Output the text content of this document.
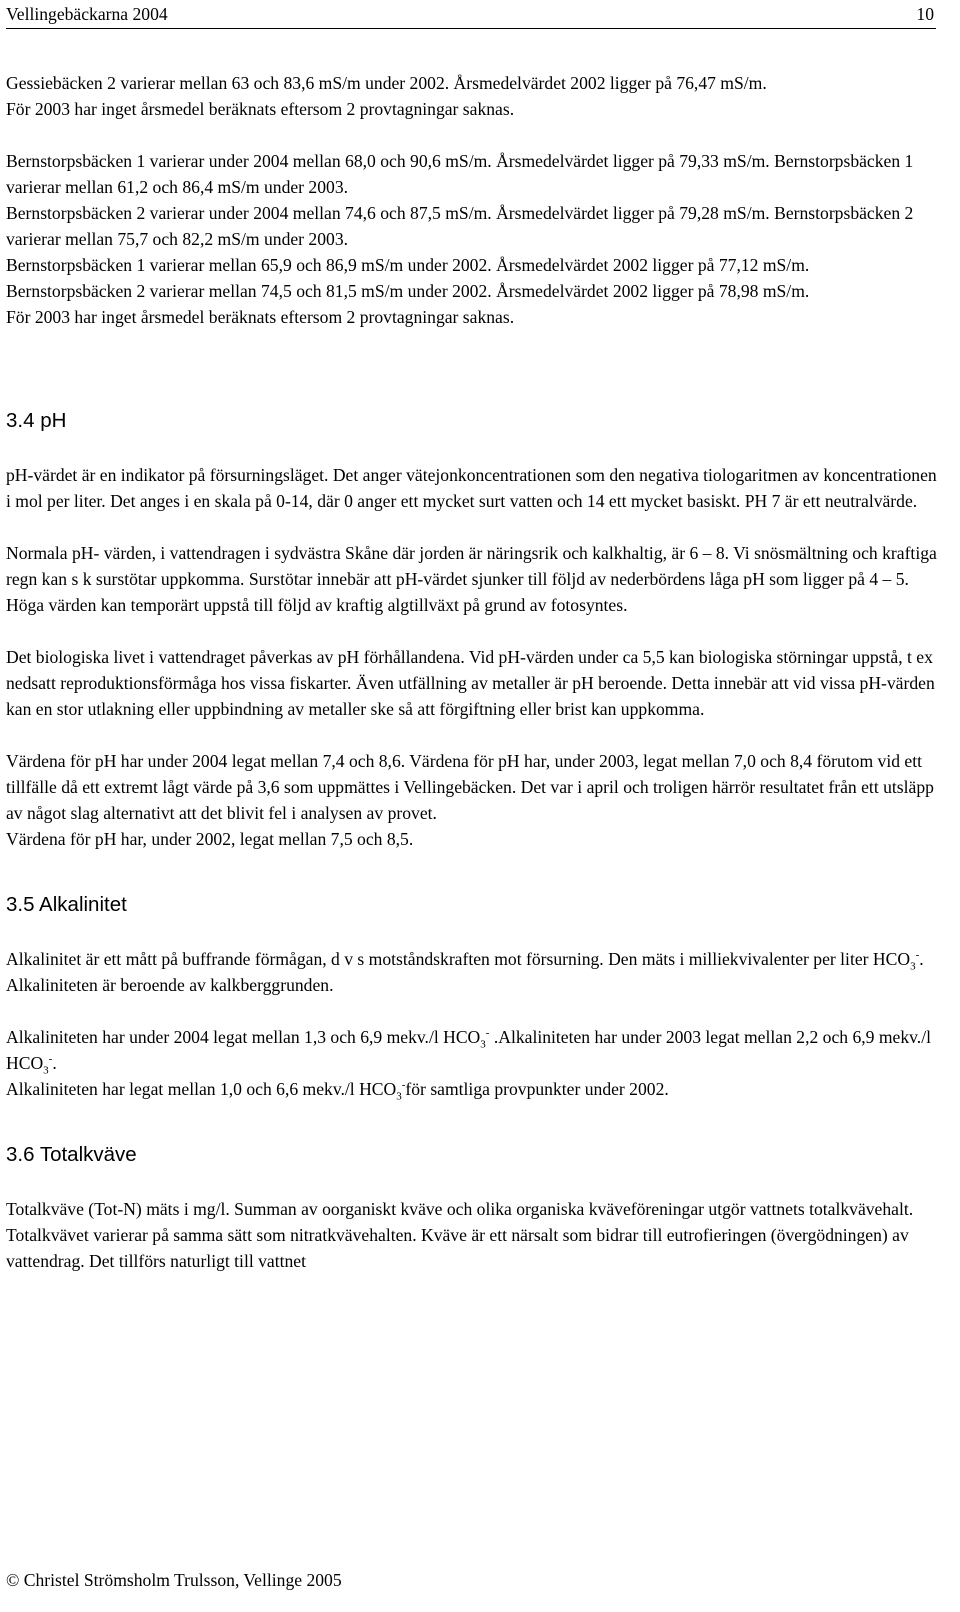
Vellingebäckarna 2004	10

Gessiebäcken 2 varierar mellan 63 och 83,6 mS/m under 2002. Årsmedelvärdet 2002 ligger på 76,47 mS/m.

För 2003 har inget årsmedel beräknats eftersom 2 provtagningar saknas.

Bernstorpsbäcken 1 varierar under 2004 mellan 68,0 och 90,6 mS/m. Årsmedelvärdet ligger på 79,33 mS/m. Bernstorpsbäcken 1 varierar mellan 61,2 och 86,4 mS/m under 2003.

Bernstorpsbäcken 2 varierar under 2004 mellan 74,6 och 87,5 mS/m. Årsmedelvärdet ligger på 79,28 mS/m. Bernstorpsbäcken 2 varierar mellan 75,7 och 82,2 mS/m under 2003.

Bernstorpsbäcken 1 varierar mellan 65,9 och 86,9 mS/m under 2002. Årsmedelvärdet 2002 ligger på 77,12 mS/m.

Bernstorpsbäcken 2 varierar mellan 74,5 och 81,5 mS/m under 2002. Årsmedelvärdet 2002 ligger på 78,98 mS/m.

För 2003 har inget årsmedel beräknats eftersom 2 provtagningar saknas.

3.4 pH

pH-värdet är en indikator på försurningsläget. Det anger vätejonkoncentrationen som den negativa tiologaritmen av koncentrationen i mol per liter. Det anges i en skala på 0-14, där 0 anger ett mycket surt vatten och 14 ett mycket basiskt. PH 7 är ett neutralvärde.

Normala pH- värden, i vattendragen i sydvästra Skåne där jorden är näringsrik och kalkhaltig, är 6 – 8. Vi snösmältning och kraftiga regn kan s k surstötar uppkomma. Surstötar innebär att pH-värdet sjunker till följd av nederbördens låga pH som ligger på 4 – 5. Höga värden kan temporärt uppstå till följd av kraftig algtillväxt på grund av fotosyntes.

Det biologiska livet i vattendraget påverkas av pH förhållandena. Vid pH-värden under ca 5,5 kan biologiska störningar uppstå, t ex nedsatt reproduktionsförmåga hos vissa fiskarter. Även utfällning av metaller är pH beroende. Detta innebär att vid vissa pH-värden kan en stor utlakning eller uppbindning av metaller ske så att förgiftning eller brist kan uppkomma.

Värdena för pH har under 2004 legat mellan 7,4 och 8,6. Värdena för pH har, under 2003, legat mellan 7,0 och 8,4 förutom vid ett tillfälle då ett extremt lågt värde på 3,6 som uppmättes i Vellingebäcken. Det var i april och troligen härrör resultatet från ett utsläpp av något slag alternativt att det blivit fel i analysen av provet.

Värdena för pH har, under 2002, legat mellan 7,5 och 8,5.

3.5 Alkalinitet

Alkalinitet är ett mått på buffrande förmågan, d v s motståndskraften mot försurning. Den mäts i milliekvivalenter per liter $HCO_3^-$. Alkaliniteten är beroende av kalkberggrunden.

Alkaliniteten har under 2004 legat mellan 1,3 och 6,9 mekv./l $HCO_3^-$ .Alkaliniteten har under 2003 legat mellan 2,2 och 6,9 mekv./l $HCO_3^-$.

Alkaliniteten har legat mellan 1,0 och 6,6 mekv./l $HCO_3^-för$ samtliga provpunkter under 2002.

3.6 Totalkväve

Totalkväve (Tot-N) mäts i mg/l. Summan av oorganiskt kväve och olika organiska kväveföreningar utgör vattnets totalkvävehalt. Totalkvävet varierar på samma sätt som nitratkvävehalten. Kväve är ett närsalt som bidrar till eutrofieringen (övergödningen) av vattendrag. Det tillförs naturligt till vattnet

© Christel Strömsholm Trulsson, Vellinge 2005
